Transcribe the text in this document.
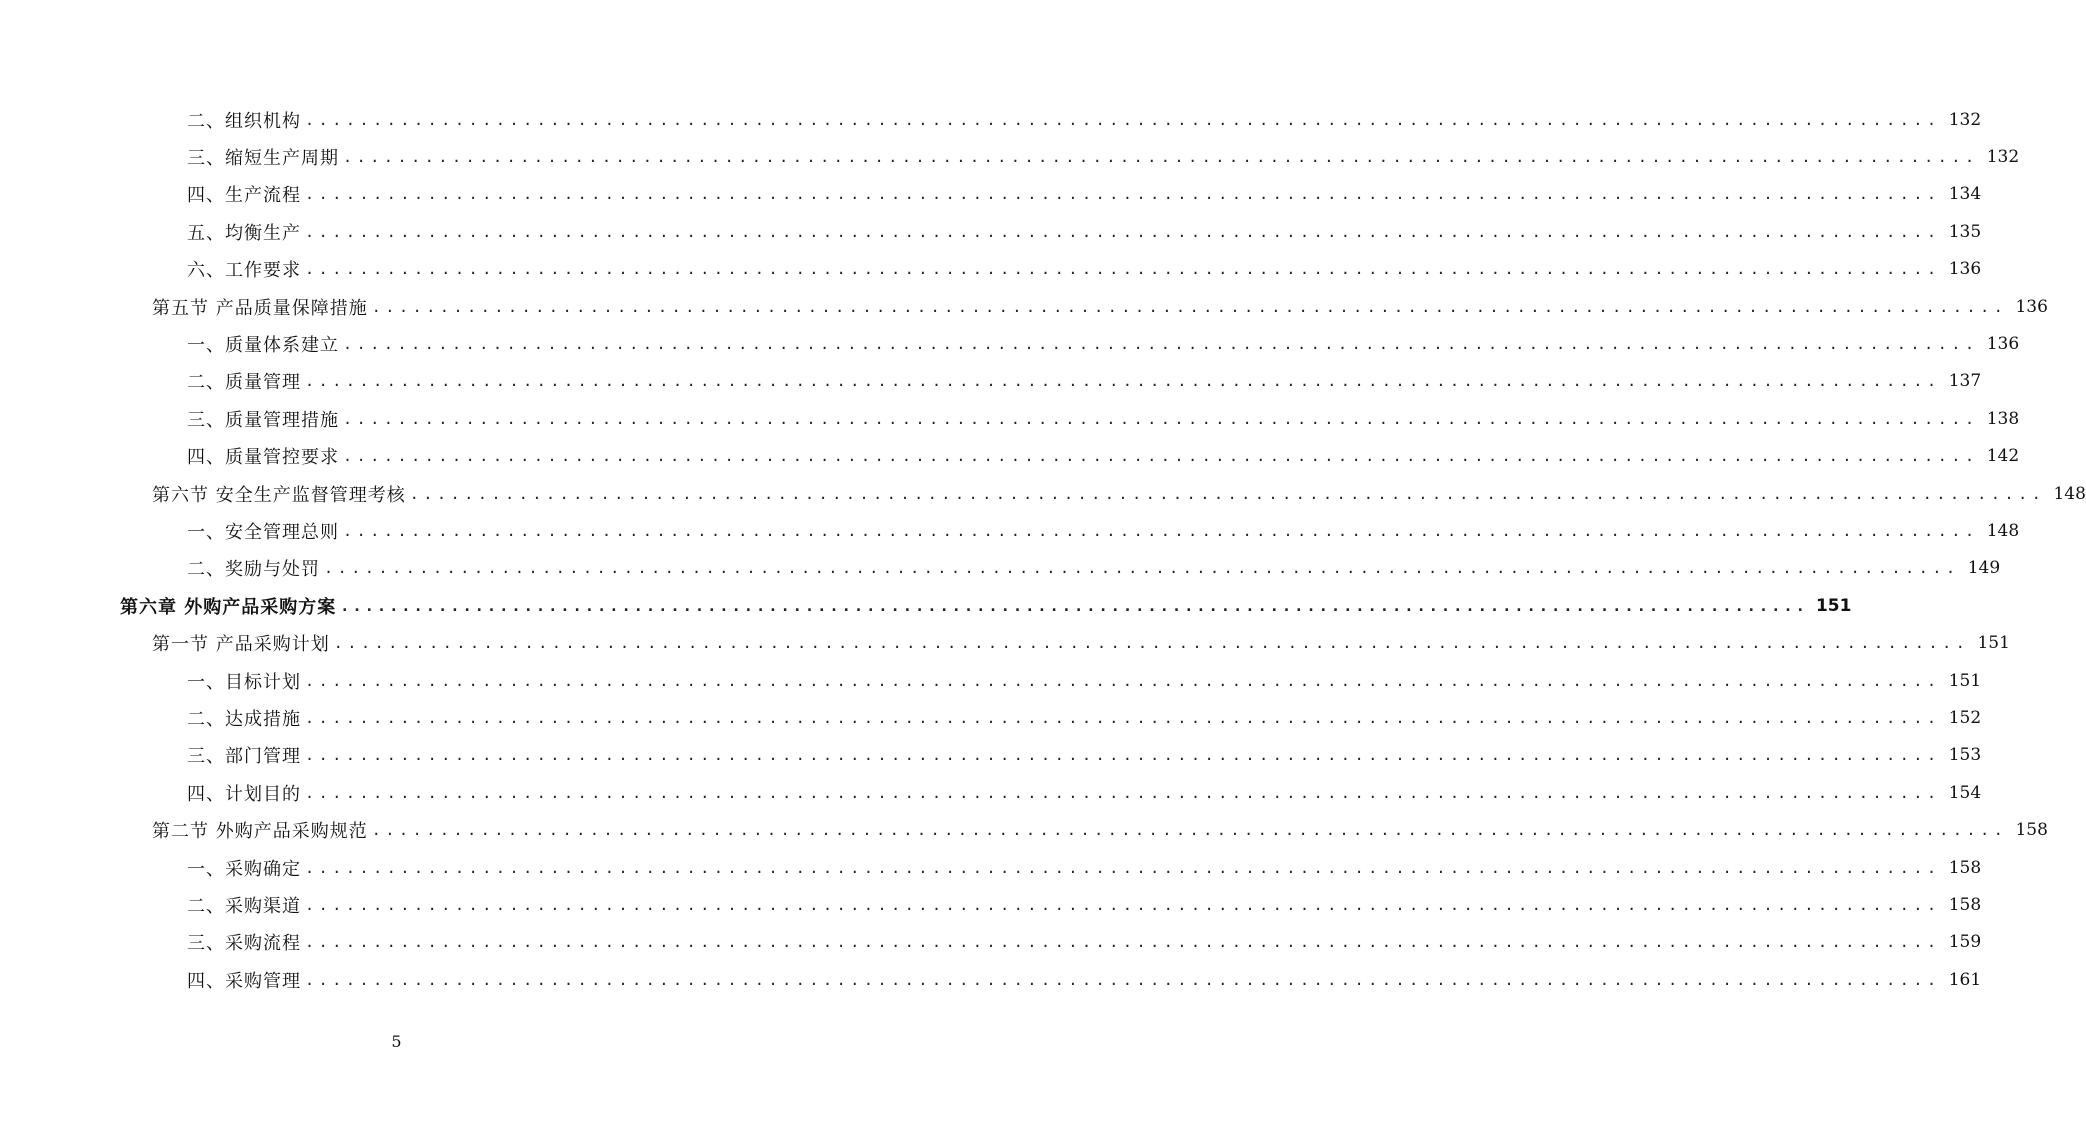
二、组织机构 ........................................................................................................................ 132
三、缩短生产周期 ........................................................................................................................ 132
四、生产流程 ........................................................................................................................ 134
五、均衡生产 ........................................................................................................................ 135
六、工作要求 ........................................................................................................................ 136
第五节 产品质量保障措施 ........................................................................................................................ 136
一、质量体系建立 ........................................................................................................................ 136
二、质量管理 ........................................................................................................................ 137
三、质量管理措施 ........................................................................................................................ 138
四、质量管控要求 ........................................................................................................................ 142
第六节 安全生产监督管理考核 ........................................................................................................................ 148
一、安全管理总则 ........................................................................................................................ 148
二、奖励与处罚 ........................................................................................................................ 149
第六章 外购产品采购方案 ........................................................................................................................ 151
第一节 产品采购计划 ........................................................................................................................ 151
一、目标计划 ........................................................................................................................ 151
二、达成措施 ........................................................................................................................ 152
三、部门管理 ........................................................................................................................ 153
四、计划目的 ........................................................................................................................ 154
第二节 外购产品采购规范 ........................................................................................................................ 158
一、采购确定 ........................................................................................................................ 158
二、采购渠道 ........................................................................................................................ 158
三、采购流程 ........................................................................................................................ 159
四、采购管理 ........................................................................................................................ 161
5
